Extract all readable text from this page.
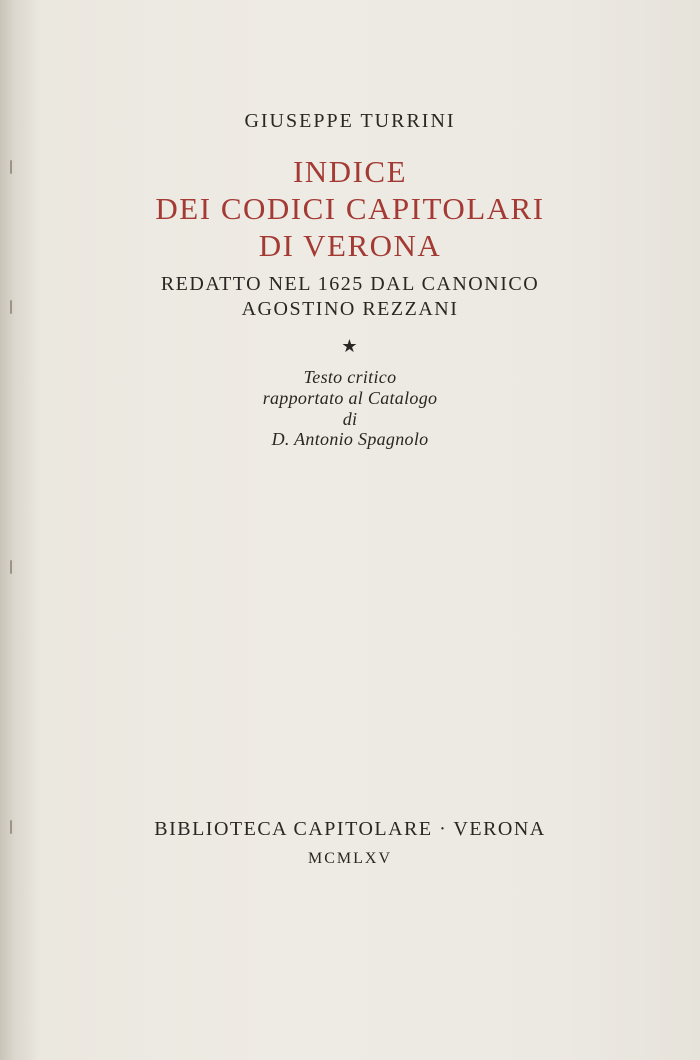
GIUSEPPE TURRINI
INDICE
DEI CODICI CAPITOLARI
DI VERONA
REDATTO NEL 1625 DAL CANONICO
AGOSTINO REZZANI
★
Testo critico
rapportato al Catalogo
di
D. Antonio Spagnolo
BIBLIOTECA CAPITOLARE · VERONA
MCMLXV
